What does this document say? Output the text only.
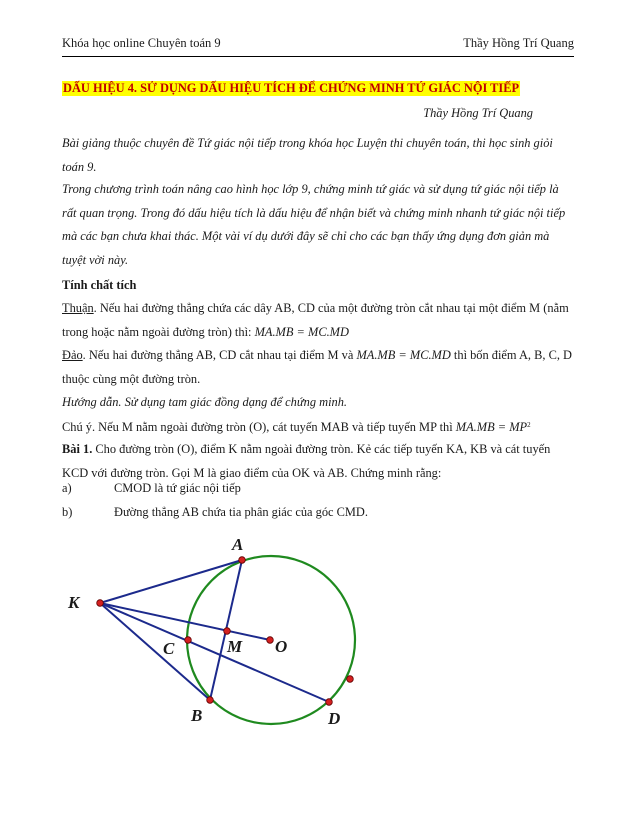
Khóa học online Chuyên toán 9	Thầy Hồng Trí Quang
DẤU HIỆU 4. SỬ DỤNG DẤU HIỆU TÍCH ĐỂ CHỨNG MINH TỨ GIÁC NỘI TIẾP
Thầy Hồng Trí Quang
Bài giảng thuộc chuyên đề Tứ giác nội tiếp trong khóa học Luyện thi chuyên toán, thi học sinh giỏi toán 9.
Trong chương trình toán nâng cao hình học lớp 9, chứng minh tứ giác và sử dụng tứ giác nội tiếp là rất quan trọng. Trong đó dấu hiệu tích là dấu hiệu để nhận biết và chứng minh nhanh tứ giác nội tiếp mà các bạn chưa khai thác. Một vài ví dụ dưới đây sẽ chỉ cho các bạn thấy ứng dụng đơn giản mà tuyệt vời này.
Tính chất tích
Thuận. Nếu hai đường thẳng chứa các dây AB, CD của một đường tròn cắt nhau tại một điểm M (nằm trong hoặc nằm ngoài đường tròn) thì: MA.MB = MC.MD
Đảo. Nếu hai đường thẳng AB, CD cắt nhau tại điểm M và MA.MB = MC.MD thì bốn điểm A, B, C, D thuộc cùng một đường tròn.
Hướng dẫn. Sử dụng tam giác đồng dạng để chứng minh.
Chú ý. Nếu M nằm ngoài đường tròn (O), cát tuyến MAB và tiếp tuyến MP thì $MA.MB = MP^2$
Bài 1. Cho đường tròn (O), điểm K nằm ngoài đường tròn. Kẻ các tiếp tuyến KA, KB và cát tuyến KCD với đường tròn. Gọi M là giao điểm của OK và AB. Chứng minh rằng:
a)	CMOD là tứ giác nội tiếp
b)	Đường thẳng AB chứa tia phân giác của góc CMD.
A
K
C	M O
B	D
